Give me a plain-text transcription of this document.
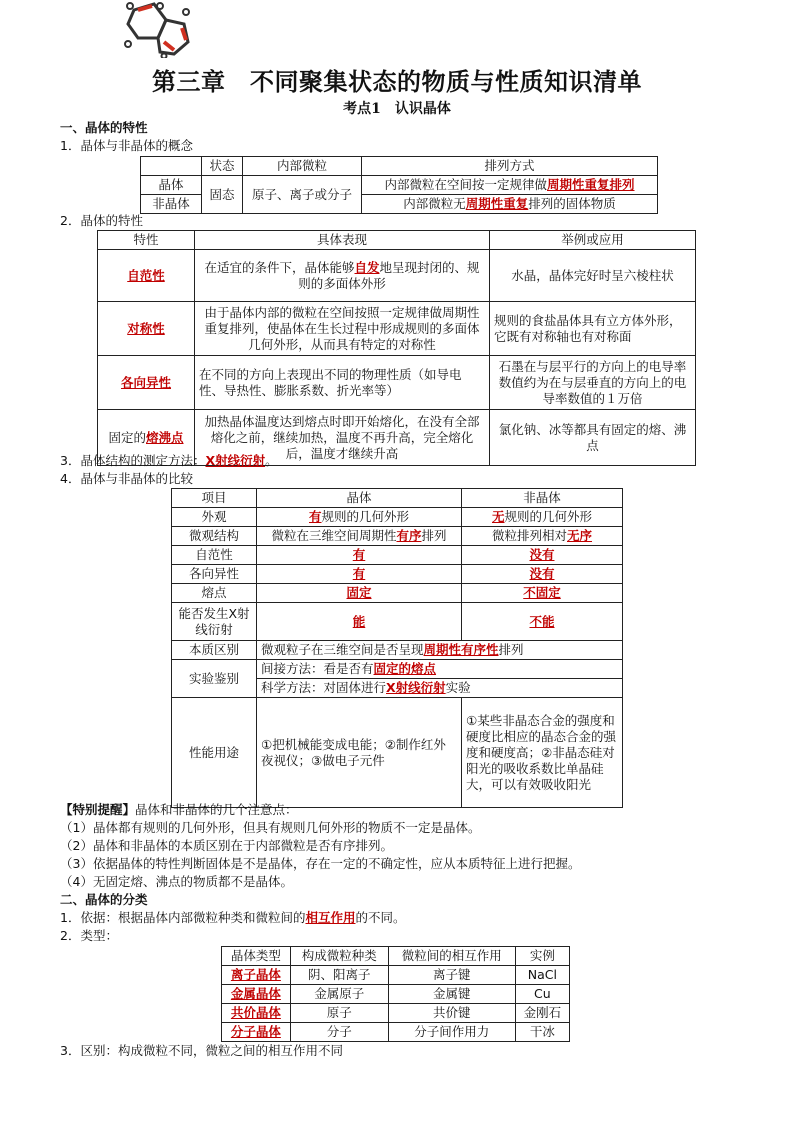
第三章　不同聚集状态的物质与性质知识清单
考点1　认识晶体
一、晶体的特性
1．晶体与非晶体的概念
	状态	内部微粒	排列方式
晶体	固态	原子、离子或分子	内部微粒在空间按一定规律做周期性重复排列
非晶体			内部微粒无周期性重复排列的固体物质
2．晶体的特性
特性	具体表现	举例或应用
自范性	在适宜的条件下，晶体能够自发地呈现封闭的、规则的多面体外形	水晶，晶体完好时呈六棱柱状
对称性	由于晶体内部的微粒在空间按照一定规律做周期性重复排列，使晶体在生长过程中形成规则的多面体几何外形，从而具有特定的对称性	规则的食盐晶体具有立方体外形，它既有对称轴也有对称面
各向异性	在不同的方向上表现出不同的物理性质（如导电性、导热性、膨胀系数、折光率等）	石墨在与层平行的方向上的电导率数值约为在与层垂直的方向上的电导率数值的１万倍
固定的熔沸点	加热晶体温度达到熔点时即开始熔化，在没有全部熔化之前，继续加热，温度不再升高，完全熔化后，温度才继续升高	氯化钠、冰等都具有固定的熔、沸点
3．晶体结构的测定方法：X射线衍射。
4．晶体与非晶体的比较
项目	晶体	非晶体
外观	有规则的几何外形	无规则的几何外形
微观结构	微粒在三维空间周期性有序排列	微粒排列相对无序
自范性	有	没有
各向异性	有	没有
熔点	固定	不固定
能否发生X射线衍射	能	不能
本质区别	微观粒子在三维空间是否呈现周期性有序性排列	
实验鉴别	间接方法：看是否有固定的熔点	
	科学方法：对固体进行X射线衍射实验	
性能用途	①把机械能变成电能；②制作红外夜视仪；③做电子元件	①某些非晶态合金的强度和硬度比相应的晶态合金的强度和硬度高；②非晶态硅对阳光的吸收系数比单晶硅大，可以有效吸收阳光
【特别提醒】晶体和非晶体的几个注意点：
（1）晶体都有规则的几何外形，但具有规则几何外形的物质不一定是晶体。
（2）晶体和非晶体的本质区别在于内部微粒是否有序排列。
（3）依据晶体的特性判断固体是不是晶体，存在一定的不确定性，应从本质特征上进行把握。
（4）无固定熔、沸点的物质都不是晶体。
二、晶体的分类
1．依据：根据晶体内部微粒种类和微粒间的相互作用的不同。
2．类型：
晶体类型	构成微粒种类	微粒间的相互作用	实例
离子晶体	阴、阳离子	离子键	NaCl
金属晶体	金属原子	金属键	Cu
共价晶体	原子	共价键	金刚石
分子晶体	分子	分子间作用力	干冰
3．区别：构成微粒不同，微粒之间的相互作用不同
